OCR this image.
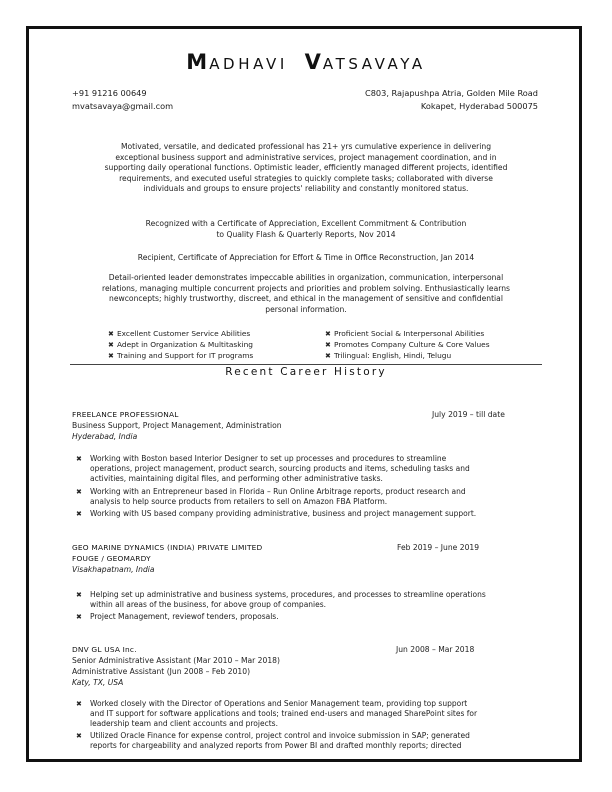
MADHAVI VATSAVAYA
+91 91216 00649
mvatsavaya@gmail.com
C803, Rajapushpa Atria, Golden Mile Road
Kokapet, Hyderabad 500075
Motivated, versatile, and dedicated professional has 21+ yrs cumulative experience in delivering
exceptional business support and administrative services, project management coordination, and in
supporting daily operational functions. Optimistic leader, efficiently managed different projects, identified
requirements, and executed useful strategies to quickly complete tasks; collaborated with diverse
individuals and groups to ensure projects' reliability and constantly monitored status.
Recognized with a Certificate of Appreciation, Excellent Commitment & Contribution
to Quality Flash & Quarterly Reports, Nov 2014
Recipient, Certificate of Appreciation for Effort & Time in Office Reconstruction, Jan 2014
Detail-oriented leader demonstrates impeccable abilities in organization, communication, interpersonal
relations, managing multiple concurrent projects and priorities and problem solving. Enthusiastically learns
newconcepts; highly trustworthy, discreet, and ethical in the management of sensitive and confidential
personal information.
✖ Excellent Customer Service Abilities
✖ Adept in Organization & Multitasking
✖ Training and Support for IT programs
✖ Proficient Social & Interpersonal Abilities
✖ Promotes Company Culture & Core Values
✖ Trilingual: English, Hindi, Telugu
Recent Career History
FREELANCE PROFESSIONAL	July 2019 – till date
Business Support, Project Management, Administration
Hyderabad, India
✖ Working with Boston based Interior Designer to set up processes and procedures to streamline
operations, project management, product search, sourcing products and items, scheduling tasks and
activities, maintaining digital files, and performing other administrative tasks.
✖ Working with an Entrepreneur based in Florida – Run Online Arbitrage reports, product research and
analysis to help source products from retailers to sell on Amazon FBA Platform.
✖ Working with US based company providing administrative, business and project management support.
GEO MARINE DYNAMICS (INDIA) PRIVATE LIMITED	Feb 2019 – June 2019
FOUGE / GEOMARDY
Visakhapatnam, India
✖ Helping set up administrative and business systems, procedures, and processes to streamline operations
within all areas of the business, for above group of companies.
✖ Project Management, reviewof tenders, proposals.
DNV GL USA Inc.	Jun 2008 – Mar 2018
Senior Administrative Assistant (Mar 2010 – Mar 2018)
Administrative Assistant (Jun 2008 – Feb 2010)
Katy, TX, USA
✖ Worked closely with the Director of Operations and Senior Management team, providing top support
and IT support for software applications and tools; trained end-users and managed SharePoint sites for
leadership team and client accounts and projects.
✖ Utilized Oracle Finance for expense control, project control and invoice submission in SAP; generated
reports for chargeability and analyzed reports from Power BI and drafted monthly reports; directed
